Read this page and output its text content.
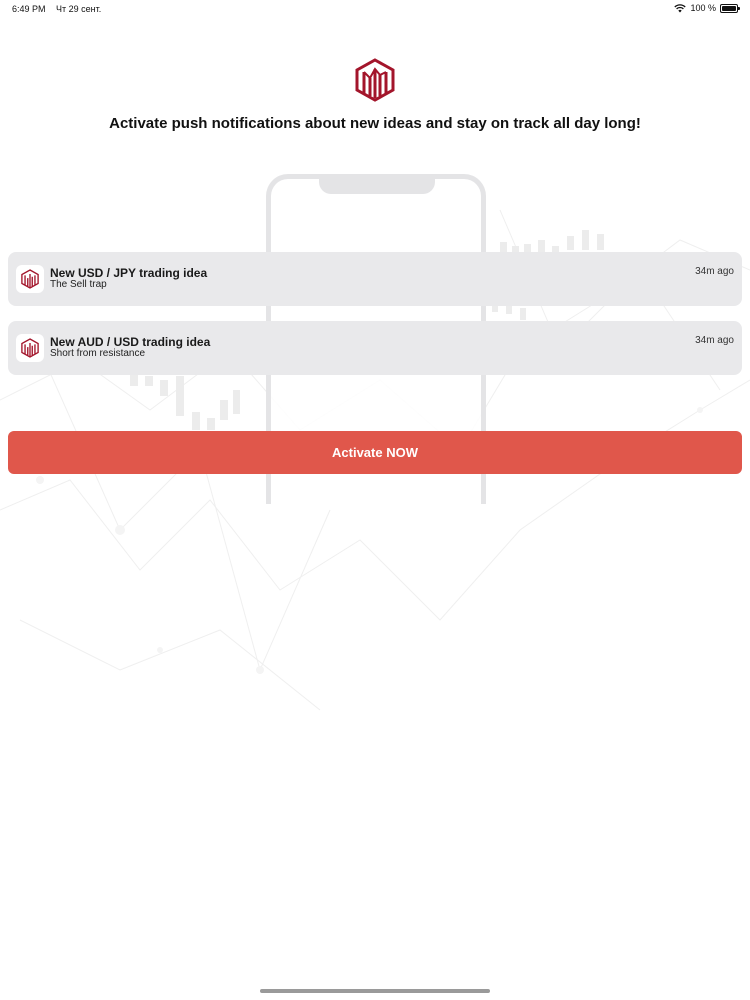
6:49 PM Чт 29 сент.	100 %
Activate push notifications about new ideas and stay on track all day long!
New USD / JPY trading idea
The Sell trap
34m ago
New AUD / USD trading idea
Short from resistance
34m ago
Activate NOW
